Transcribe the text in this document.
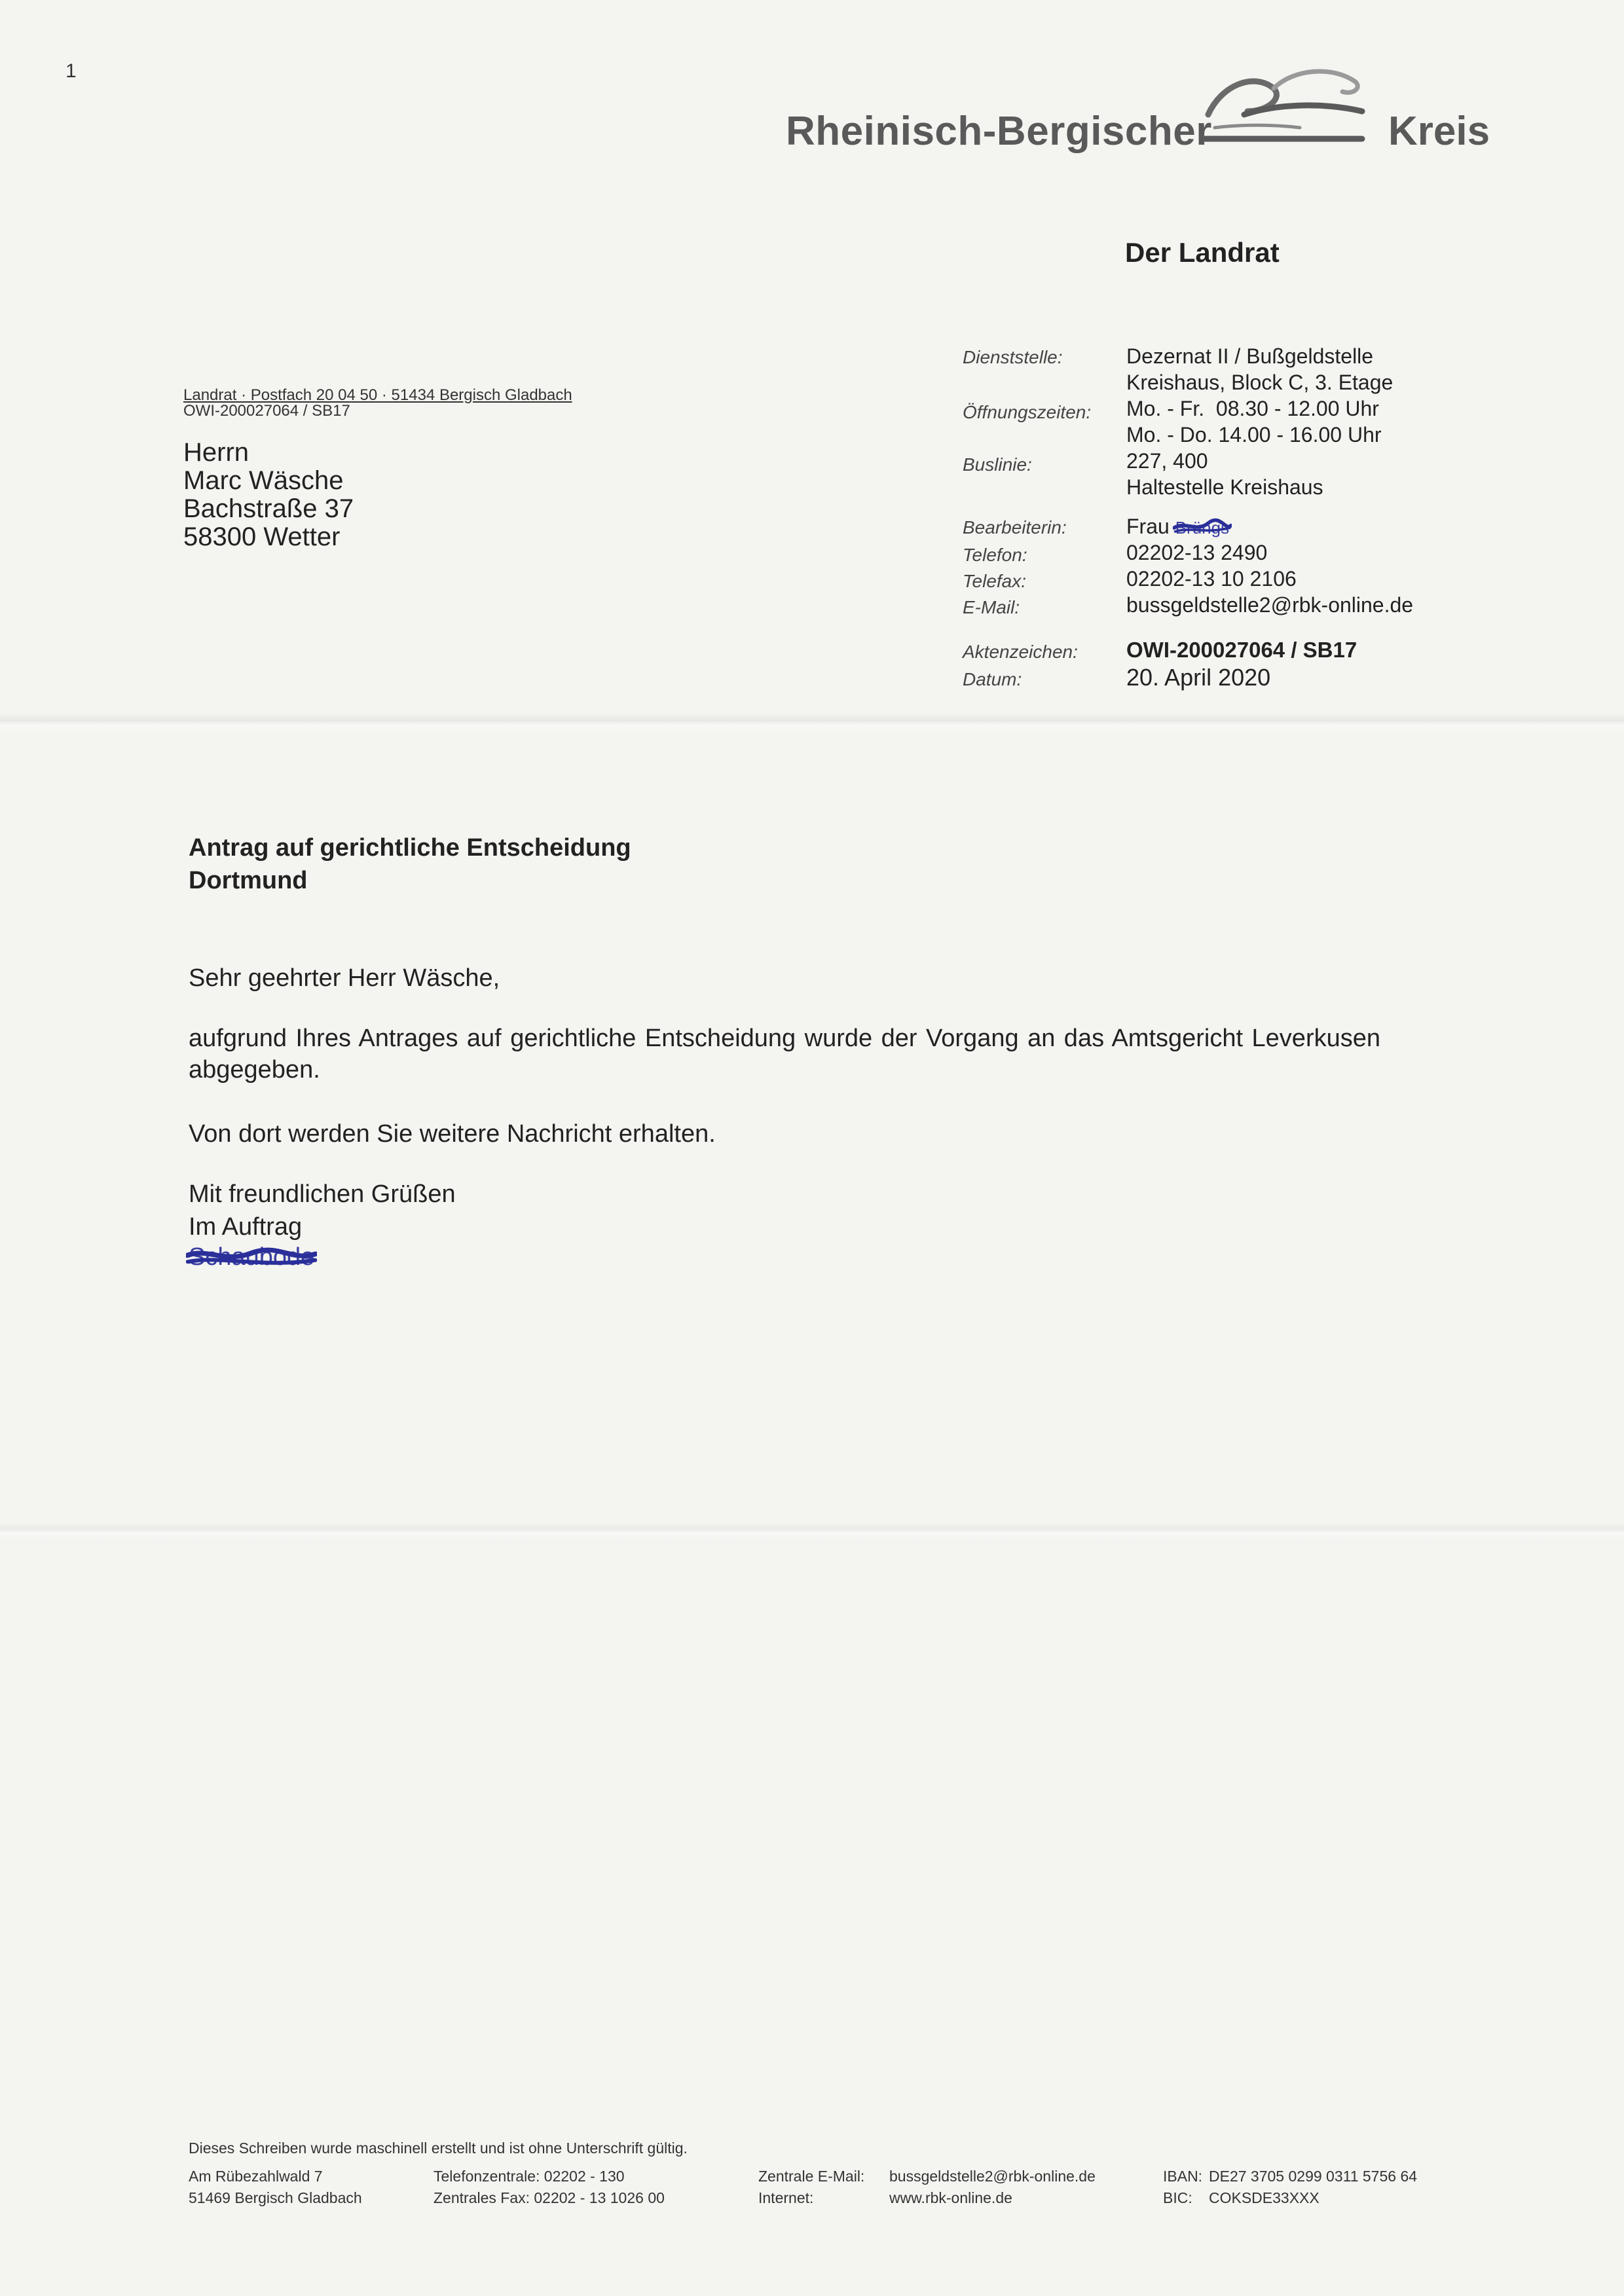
1
Rheinisch-Bergischer	Kreis
Der Landrat
Landrat · Postfach 20 04 50 · 51434 Bergisch Gladbach
OWI-200027064 / SB17
Herrn
Marc Wäsche
Bachstraße 37
58300 Wetter
Dienststelle:	Dezernat II / Bußgeldstelle
Kreishaus, Block C, 3. Etage
Öffnungszeiten: Mo. - Fr.  08.30 - 12.00 Uhr
Mo. - Do. 14.00 - 16.00 Uhr
Buslinie:	227, 400
Haltestelle Kreishaus
Bearbeiterin:	Frau Brüngs
Telefon:	02202-13 2490
Telefax:	02202-13 10 2106
E-Mail:	bussgeldstelle2@rbk-online.de
Aktenzeichen: OWI-200027064 / SB17
Datum:	20. April 2020
Antrag auf gerichtliche Entscheidung
Dortmund
Sehr geehrter Herr Wäsche,
aufgrund Ihres Antrages auf gerichtliche Entscheidung wurde der Vorgang an das Amtsgericht Leverkusen abgegeben.
Von dort werden Sie weitere Nachricht erhalten.
Mit freundlichen Grüßen
Im Auftrag
Schaubode
Dieses Schreiben wurde maschinell erstellt und ist ohne Unterschrift gültig.
Am Rübezahlwald 7
51469 Bergisch Gladbach
Telefonzentrale: 02202 - 130
Zentrales Fax: 02202 - 13 1026 00
Zentrale E-Mail: bussgeldstelle2@rbk-online.de
Internet:	www.rbk-online.de
IBAN: DE27 3705 0299 0311 5756 64
BIC: COKSDE33XXX
